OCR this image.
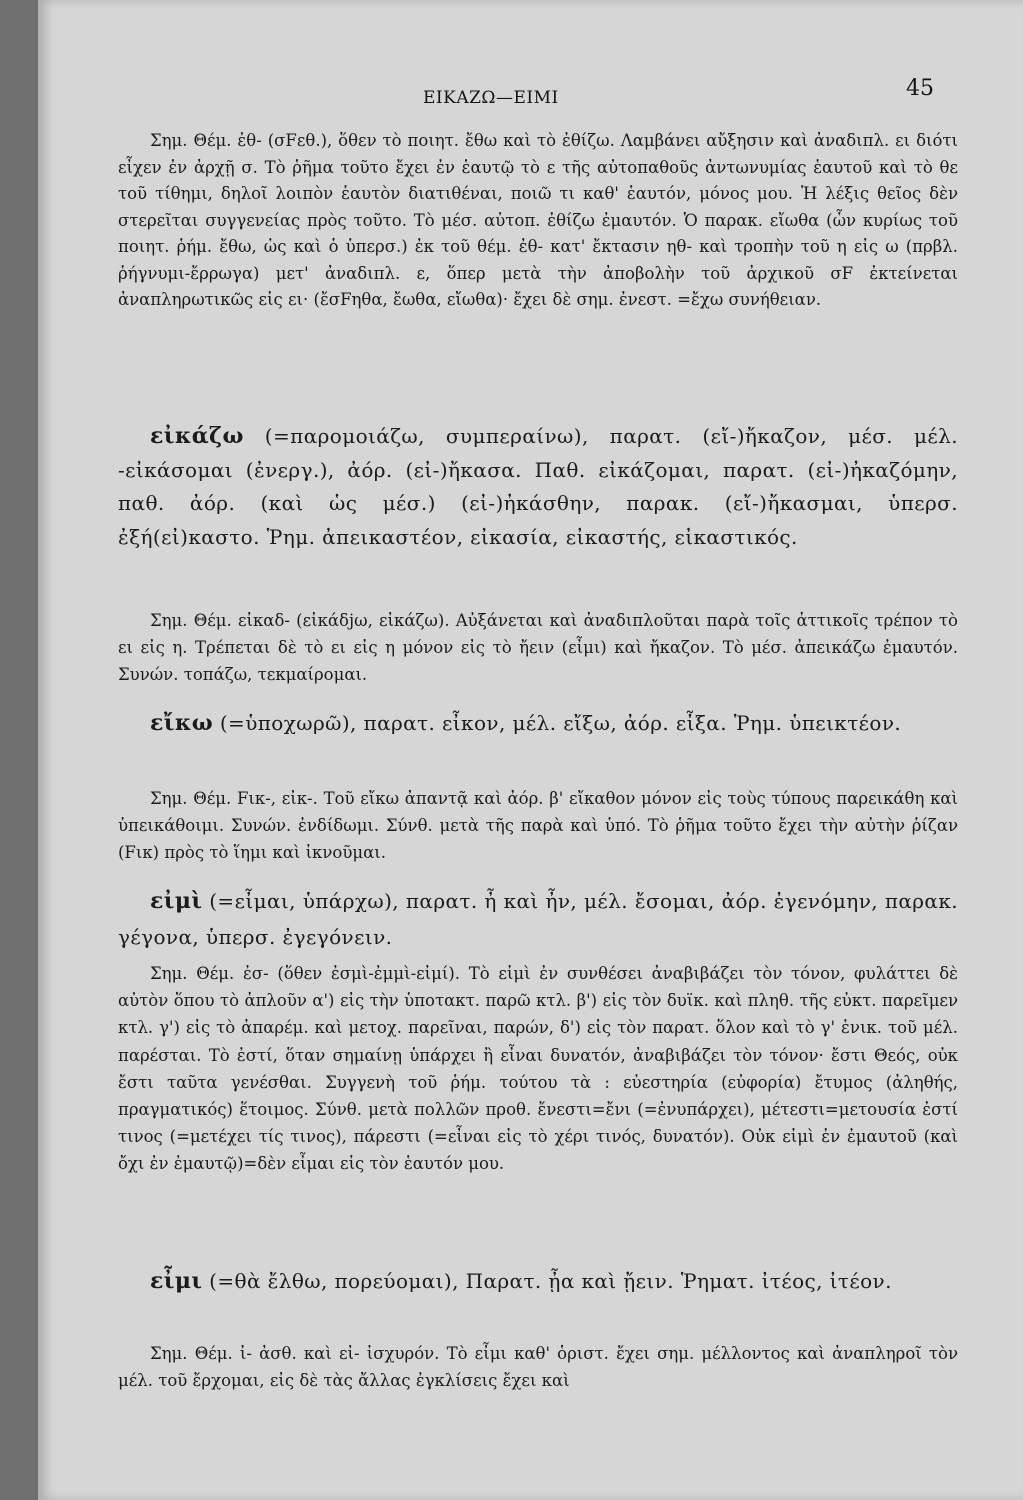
ΕΙΚΑΖΩ—ΕΙΜΙ	45

Σημ. Θέμ. ἐθ- (σFεθ.), ὅθεν τὸ ποιητ. ἔθω καὶ τὸ ἐθίζω. Λαμβάνει αὔξησιν καὶ ἀναδιπλ. ει διότι εἶχεν ἐν ἀρχῇ σ. Τὸ ῥῆμα τοῦτο ἔχει ἐν ἑαυτῷ τὸ ε τῆς αὐτοπαθοῦς ἀντωνυμίας ἑαυτοῦ καὶ τὸ θε τοῦ τίθημι, δηλοῖ λοιπὸν ἑαυτὸν διατιθέναι, ποιῶ τι καθ' ἑαυτόν, μόνος μου. Ἡ λέξις θεῖος δὲν στερεῖται συγγενείας πρὸς τοῦτο. Τὸ μέσ. αὐτοπ. ἐθίζω ἐμαυτόν. Ὁ παρακ. εἴωθα (ὧν κυρίως τοῦ ποιητ. ῥήμ. ἔθω, ὡς καὶ ὁ ὑπερσ.) ἐκ τοῦ θέμ. ἐθ- κατ' ἔκτασιν ηθ- καὶ τροπὴν τοῦ η εἰς ω (πρβλ. ῥήγνυμι-ἔρρωγα) μετ' ἀναδιπλ. ε, ὅπερ μετὰ τὴν ἀποβολὴν τοῦ ἀρχικοῦ σF ἐκτείνεται ἀναπληρωτικῶς εἰς ει· (ἔσFηθα, ἔωθα, εἴωθα)· ἔχει δὲ σημ. ἐνεστ. =ἔχω συνήθειαν.

εἰκάζω (=παρομοιάζω, συμπεραίνω), παρατ. (εἴ-)ἤκαζον, μέσ. μέλ. -εἰκάσομαι (ἐνεργ.), ἀόρ. (εἰ-)ἤκασα. Παθ. εἰκάζομαι, παρατ. (εἰ-)ἠκαζόμην, παθ. ἀόρ. (καὶ ὡς μέσ.) (εἰ-)ἠκάσθην, παρακ. (εἴ-)ἤκασμαι, ὑπερσ. ἐξή(εἰ)καστο. Ῥημ. ἀπεικαστέον, εἰκασία, εἰκαστής, εἰκαστικός.

Σημ. Θέμ. εἰκαδ- (εἰκάδjω, εἰκάζω). Αὐξάνεται καὶ ἀναδιπλοῦται παρὰ τοῖς ἀττικοῖς τρέπον τὸ ει εἰς η. Τρέπεται δὲ τὸ ει εἰς η μόνον εἰς τὸ ἤειν (εἶμι) καὶ ἤκαζον. Τὸ μέσ. ἀπεικάζω ἐμαυτόν. Συνών. τοπάζω, τεκμαίρομαι.

εἴκω (=ὑποχωρῶ), παρατ. εἶκον, μέλ. εἴξω, ἀόρ. εἶξα. Ῥημ. ὑπεικτέον.

Σημ. Θέμ. Fικ-, εἰκ-. Τοῦ εἴκω ἀπαντᾷ καὶ ἀόρ. β' εἴκαθον μόνον εἰς τοὺς τύπους παρεικάθη καὶ ὑπεικάθοιμι. Συνών. ἐνδίδωμι. Σύνθ. μετὰ τῆς παρὰ καὶ ὑπό. Τὸ ῥῆμα τοῦτο ἔχει τὴν αὐτὴν ῥίζαν (Fικ) πρὸς τὸ ἵημι καὶ ἰκνοῦμαι.

εἰμὶ (=εἶμαι, ὑπάρχω), παρατ. ἦ καὶ ἦν, μέλ. ἔσομαι, ἀόρ. ἐγενόμην, παρακ. γέγονα, ὑπερσ. ἐγεγόνειν.

Σημ. Θέμ. ἐσ- (ὅθεν ἐσμὶ-ἐμμὶ-εἰμί). Τὸ εἰμὶ ἐν συνθέσει ἀναβιβάζει τὸν τόνον, φυλάττει δὲ αὐτὸν ὅπου τὸ ἁπλοῦν α') εἰς τὴν ὑποτακτ. παρῶ κτλ. β') εἰς τὸν δυϊκ. καὶ πληθ. τῆς εὐκτ. παρεῖμεν κτλ. γ') εἰς τὸ ἀπαρέμ. καὶ μετοχ. παρεῖναι, παρών, δ') εἰς τὸν παρατ. ὅλον καὶ τὸ γ' ἑνικ. τοῦ μέλ. παρέσται. Τὸ ἐστί, ὅταν σημαίνῃ ὑπάρχει ἢ εἶναι δυνατόν, ἀναβιβάζει τὸν τόνον· ἔστι Θεός, οὐκ ἔστι ταῦτα γενέσθαι. Συγγενὴ τοῦ ῥήμ. τούτου τὰ : εὐεστηρία (εὐφορία) ἔτυμος (ἀληθής, πραγματικός) ἕτοιμος. Σύνθ. μετὰ πολλῶν προθ. ἔνεστι=ἔνι (=ἐνυπάρχει), μέτεστι=μετουσία ἐστί τινος (=μετέχει τίς τινος), πάρεστι (=εἶναι εἰς τὸ χέρι τινός, δυνατόν). Οὐκ εἰμὶ ἐν ἐμαυτοῦ (καὶ ὄχι ἐν ἐμαυτῷ)=δὲν εἶμαι εἰς τὸν ἑαυτόν μου.

εἶμι (=θὰ ἔλθω, πορεύομαι), Παρατ. ᾖα καὶ ᾔειν. Ῥηματ. ἰτέος, ἰτέον.

Σημ. Θέμ. ἰ- ἀσθ. καὶ εἰ- ἰσχυρόν. Τὸ εἶμι καθ' ὁριστ. ἔχει σημ. μέλλοντος καὶ ἀναπληροῖ τὸν μέλ. τοῦ ἔρχομαι, εἰς δὲ τὰς ἄλλας ἐγκλίσεις ἔχει καὶ
